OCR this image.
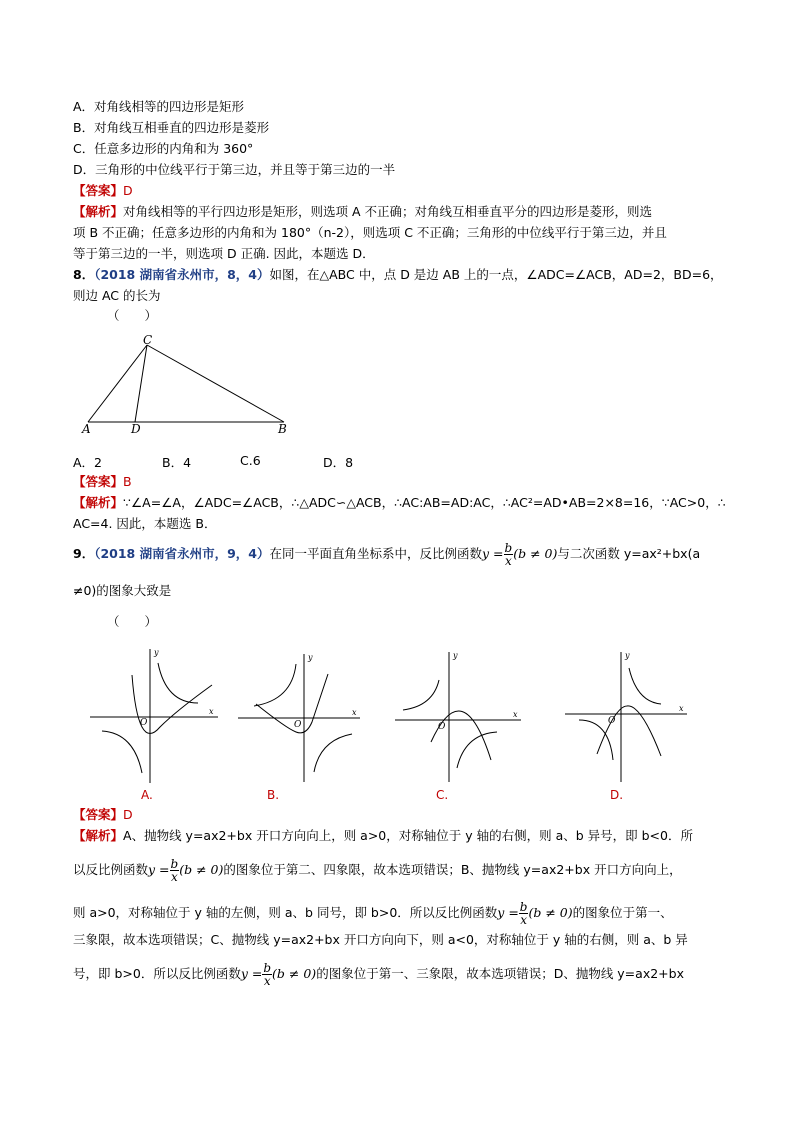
A．对角线相等的四边形是矩形
B．对角线互相垂直的四边形是菱形
C．任意多边形的内角和为 360°
D．三角形的中位线平行于第三边，并且等于第三边的一半
【答案】D
【解析】对角线相等的平行四边形是矩形，则选项 A 不正确；对角线互相垂直平分的四边形是菱形，则选
项 B 不正确；任意多边形的内角和为 180°（n-2），则选项 C 不正确；三角形的中位线平行于第三边，并且
等于第三边的一半，则选项 D 正确. 因此，本题选 D．
8．（2018 湖南省永州市，8，4）如图，在△ABC 中，点 D 是边 AB 上的一点，∠ADC=∠ACB，AD=2，BD=6，
则边 AC 的长为
（　　）
C
A	D	B
A．2	B．4	C.6	D．8
【答案】B
【解析】∵∠A=∠A，∠ADC=∠ACB，∴△ADC∽△ACB，∴AC:AB=AD:AC，∴AC²=AD•AB=2×8=16，∵AC>0，∴
AC=4. 因此，本题选 B．
9．（2018 湖南省永州市，9，4）在同一平面直角坐标系中，反比例函数$y = \frac{b}{x} (b \ne 0)$与二次函数 y=ax²+bx(a
≠0)的图象大致是
（　　）
x
y
O
x
y
O
x
y
O
x
y
O
A.	B.	C.	D.
【答案】D
【解析】A、抛物线 y=ax2+bx 开口方向向上，则 a>0，对称轴位于 y 轴的右侧，则 a、b 异号，即 b<0．所
以反比例函数$y = \frac{b}{x} (b \ne 0)$的图象位于第二、四象限，故本选项错误；B、抛物线 y=ax2+bx 开口方向向上，
则 a>0，对称轴位于 y 轴的左侧，则 a、b 同号，即 b>0．所以反比例函数$y = \frac{b}{x} (b \ne 0)$的图象位于第一、
三象限，故本选项错误；C、抛物线 y=ax2+bx 开口方向向下，则 a<0，对称轴位于 y 轴的右侧，则 a、b 异
号，即 b>0．所以反比例函数$y = \frac{b}{x} (b \ne 0)$的图象位于第一、三象限，故本选项错误；D、抛物线 y=ax2+bx
